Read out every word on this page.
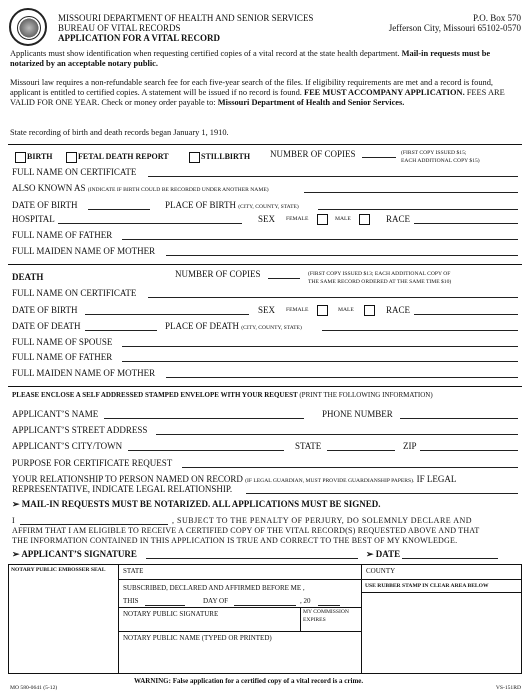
MISSOURI DEPARTMENT OF HEALTH AND SENIOR SERVICES
BUREAU OF VITAL RECORDS
APPLICATION FOR A VITAL RECORD
P.O. Box 570
Jefferson City, Missouri 65102-0570
Applicants must show identification when requesting certified copies of a vital record at the state health department. Mail-in requests must be notarized by an acceptable notary public.
Missouri law requires a non-refundable search fee for each five-year search of the files. If eligibility requirements are met and a record is found, applicant is entitled to certified copies. A statement will be issued if no record is found. FEE MUST ACCOMPANY APPLICATION. FEES ARE VALID FOR ONE YEAR. Check or money order payable to: Missouri Department of Health and Senior Services.
State recording of birth and death records began January 1, 1910.
BIRTH	FETAL DEATH REPORT	STILLBIRTH NUMBER OF COPIES	(FIRST COPY ISSUED $15;
EACH ADDITIONAL COPY $15)
FULL NAME ON CERTIFICATE
ALSO KNOWN AS (INDICATE IF BIRTH COULD BE RECORDED UNDER ANOTHER NAME)
DATE OF BIRTH	PLACE OF BIRTH (CITY, COUNTY, STATE)
HOSPITAL	SEX FEMALE	MALE	RACE
FULL NAME OF FATHER
FULL MAIDEN NAME OF MOTHER
DEATH	NUMBER OF COPIES	(FIRST COPY ISSUED $13; EACH ADDITIONAL COPY OF
THE SAME RECORD ORDERED AT THE SAME TIME $10)
FULL NAME ON CERTIFICATE
DATE OF BIRTH	SEX FEMALE	MALE	RACE
DATE OF DEATH	PLACE OF DEATH (CITY, COUNTY, STATE)
FULL NAME OF SPOUSE
FULL NAME OF FATHER
FULL MAIDEN NAME OF MOTHER
PLEASE ENCLOSE A SELF ADDRESSED STAMPED ENVELOPE WITH YOUR REQUEST (PRINT THE FOLLOWING INFORMATION)
APPLICANT’S NAME	PHONE NUMBER
APPLICANT’S STREET ADDRESS
APPLICANT’S CITY/TOWN	STATE	ZIP
PURPOSE FOR CERTIFICATE REQUEST
YOUR RELATIONSHIP TO PERSON NAMED ON RECORD (IF LEGAL GUARDIAN, MUST PROVIDE GUARDIANSHIP PAPERS). IF LEGAL
REPRESENTATIVE, INDICATE LEGAL RELATIONSHIP.
➢ MAIL-IN REQUESTS MUST BE NOTARIZED. ALL APPLICATIONS MUST BE SIGNED.
I	, SUBJECT TO THE PENALTY OF PERJURY, DO SOLEMNLY DECLARE AND
AFFIRM THAT I AM ELIGIBLE TO RECEIVE A CERTIFIED COPY OF THE VITAL RECORD(S) REQUESTED ABOVE AND THAT
THE INFORMATION CONTAINED IN THIS APPLICATION IS TRUE AND CORRECT TO THE BEST OF MY KNOWLEDGE.
➢ APPLICANT’S SIGNATURE	➢ DATE
NOTARY PUBLIC EMBOSSER SEAL	STATE	COUNTY
SUBSCRIBED, DECLARED AND AFFIRMED BEFORE ME ,	USE RUBBER STAMP IN CLEAR AREA BELOW
THIS	DAY OF	, 20
NOTARY PUBLIC SIGNATURE	MY COMMISSION
EXPIRES
NOTARY PUBLIC NAME (TYPED OR PRINTED)
MO 580-0641 (5-12)
WARNING: False application for a certified copy of a vital record is a crime.
VS-151RD
